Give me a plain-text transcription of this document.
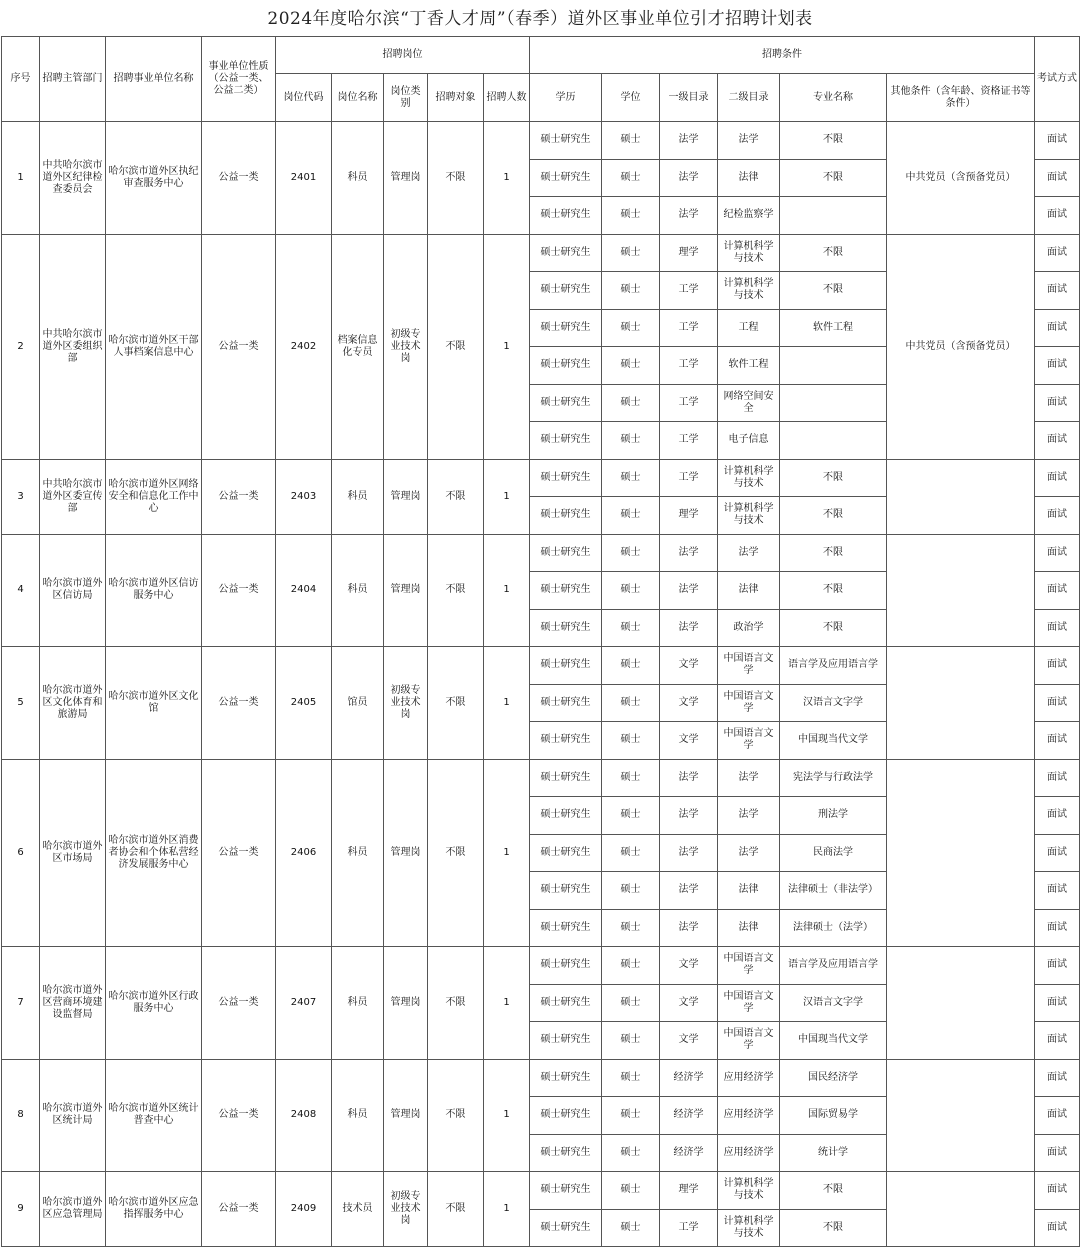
2024年度哈尔滨“丁香人才周”（春季）道外区事业单位引才招聘计划表
序号	招聘主管部门	招聘事业单位名称	事业单位性质（公益一类、公益二类）	招聘岗位					招聘条件						考试方式
				岗位代码	岗位名称	岗位类别	招聘对象	招聘人数	学历	学位	一级目录	二级目录	专业名称	其他条件（含年龄、资格证书等条件）	
1	中共哈尔滨市道外区纪律检查委员会	哈尔滨市道外区执纪审查服务中心	公益一类	2401	科员	管理岗	不限	1	硕士研究生	硕士	法学	法学	不限	中共党员（含预备党员）	面试
									硕士研究生	硕士	法学	法律	不限		面试
									硕士研究生	硕士	法学	纪检监察学			面试
2	中共哈尔滨市道外区委组织部	哈尔滨市道外区干部人事档案信息中心	公益一类	2402	档案信息化专员	初级专业技术岗	不限	1	硕士研究生	硕士	理学	计算机科学与技术	不限	中共党员（含预备党员）	面试
									硕士研究生	硕士	工学	计算机科学与技术	不限		面试
									硕士研究生	硕士	工学	工程	软件工程		面试
									硕士研究生	硕士	工学	软件工程			面试
									硕士研究生	硕士	工学	网络空间安全			面试
									硕士研究生	硕士	工学	电子信息			面试
3	中共哈尔滨市道外区委宣传部	哈尔滨市道外区网络安全和信息化工作中心	公益一类	2403	科员	管理岗	不限	1	硕士研究生	硕士	工学	计算机科学与技术	不限		面试
									硕士研究生	硕士	理学	计算机科学与技术	不限		面试
4	哈尔滨市道外区信访局	哈尔滨市道外区信访服务中心	公益一类	2404	科员	管理岗	不限	1	硕士研究生	硕士	法学	法学	不限		面试
									硕士研究生	硕士	法学	法律	不限		面试
									硕士研究生	硕士	法学	政治学	不限		面试
5	哈尔滨市道外区文化体育和旅游局	哈尔滨市道外区文化馆	公益一类	2405	馆员	初级专业技术岗	不限	1	硕士研究生	硕士	文学	中国语言文学	语言学及应用语言学		面试
									硕士研究生	硕士	文学	中国语言文学	汉语言文字学		面试
									硕士研究生	硕士	文学	中国语言文学	中国现当代文学		面试
6	哈尔滨市道外区市场局	哈尔滨市道外区消费者协会和个体私营经济发展服务中心	公益一类	2406	科员	管理岗	不限	1	硕士研究生	硕士	法学	法学	宪法学与行政法学		面试
									硕士研究生	硕士	法学	法学	刑法学		面试
									硕士研究生	硕士	法学	法学	民商法学		面试
									硕士研究生	硕士	法学	法律	法律硕士（非法学）		面试
									硕士研究生	硕士	法学	法律	法律硕士（法学）		面试
7	哈尔滨市道外区营商环境建设监督局	哈尔滨市道外区行政服务中心	公益一类	2407	科员	管理岗	不限	1	硕士研究生	硕士	文学	中国语言文学	语言学及应用语言学		面试
									硕士研究生	硕士	文学	中国语言文学	汉语言文字学		面试
									硕士研究生	硕士	文学	中国语言文学	中国现当代文学		面试
8	哈尔滨市道外区统计局	哈尔滨市道外区统计普查中心	公益一类	2408	科员	管理岗	不限	1	硕士研究生	硕士	经济学	应用经济学	国民经济学		面试
									硕士研究生	硕士	经济学	应用经济学	国际贸易学		面试
									硕士研究生	硕士	经济学	应用经济学	统计学		面试
9	哈尔滨市道外区应急管理局	哈尔滨市道外区应急指挥服务中心	公益一类	2409	技术员	初级专业技术岗	不限	1	硕士研究生	硕士	理学	计算机科学与技术	不限		面试
									硕士研究生	硕士	工学	计算机科学与技术	不限		面试
